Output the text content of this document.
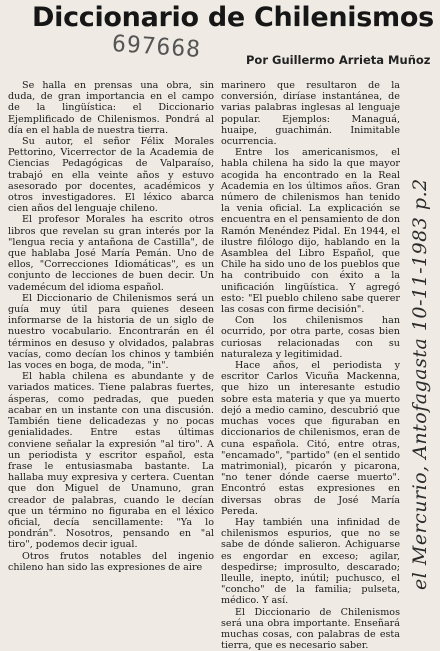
Diccionario de Chilenismos
697668	Por Guillermo Arrieta Muñoz

Se halla en prensas una obra, sin duda, de gran importancia en el campo de la lingüística: el Diccionario Ejemplificado de Chilenismos. Pondrá al día en el habla de nuestra tierra.

Su autor, el señor Félix Morales Pettorino, Vicerrector de la Academia de Ciencias Pedagógicas de Valparaíso, trabajó en ella veinte años y estuvo asesorado por docentes, académicos y otros investigadores. El léxico abarca cien años del lenguaje chileno.

El profesor Morales ha escrito otros libros que revelan su gran interés por la "lengua recia y antañona de Castilla", de que hablaba José María Pemán. Uno de ellos, "Correcciones Idiomáticas", es un conjunto de lecciones de buen decir. Un vademécum del idioma español.

El Diccionario de Chilenismos será un guía muy útil para quienes deseen informarse de la historia de un siglo de nuestro vocabulario. Encontrarán en él términos en desuso y olvidados, palabras vacías, como decían los chinos y también las voces en boga, de moda, "in".

El habla chilena es abundante y de variados matices. Tiene palabras fuertes, ásperas, como pedradas, que pueden acabar en un instante con una discusión. También tiene delicadezas y no pocas genialidades. Entre estas últimas conviene señalar la expresión "al tiro". A un periodista y escritor español, esta frase le entusiasmaba bastante. La hallaba muy expresiva y certera. Cuentan que don Miguel de Unamuno, gran creador de palabras, cuando le decían que un término no figuraba en el léxico oficial, decía sencillamente: "Ya lo pondrán". Nosotros, pensando en "al tiro", podemos decir igual.

Otros frutos notables del ingenio chileno han sido las expresiones de aire

marinero que resultaron de la conversión, diríase instantánea, de varias palabras inglesas al lenguaje popular. Ejemplos: Managuá, huaipe, guachimán. Inimitable ocurrencia.

Entre los americanismos, el habla chilena ha sido la que mayor acogida ha encontrado en la Real Academia en los últimos años. Gran número de chilenismos han tenido la venia oficial. La explicación se encuentra en el pensamiento de don Ramón Menéndez Pidal. En 1944, el ilustre filólogo dijo, hablando en la Asamblea del Libro Español, que Chile ha sido uno de los pueblos que ha contribuido con éxito a la unificación lingüística. Y agregó esto: "El pueblo chileno sabe querer las cosas con firme decisión".

Con los chilenismos han ocurrido, por otra parte, cosas bien curiosas relacionadas con su naturaleza y legitimidad.

Hace años, el periodista y escritor Carlos Vicuña Mackenna, que hizo un interesante estudio sobre esta materia y que ya muerto dejó a medio camino, descubrió que muchas voces que figuraban en diccionarios de chilenismos, eran de cuna española. Citó, entre otras, "encamado", "partido" (en el sentido matrimonial), picarón y picarona, "no tener dónde caerse muerto". Encontró estas expresiones en diversas obras de José María Pereda.

Hay también una infinidad de chilenismos espurios, que no se sabe de dónde salieron. Achiguarse es engordar en exceso; agilar, despedirse; improsulto, descarado; lleulle, inepto, inútil; puchusco, el "concho" de la familia; pulseta, médico. Y así.

El Diccionario de Chilenismos será una obra importante. Enseñará muchas cosas, con palabras de esta tierra, que es necesario saber.

el Mercurio, Antofagasta 10-11-1983 p.2
